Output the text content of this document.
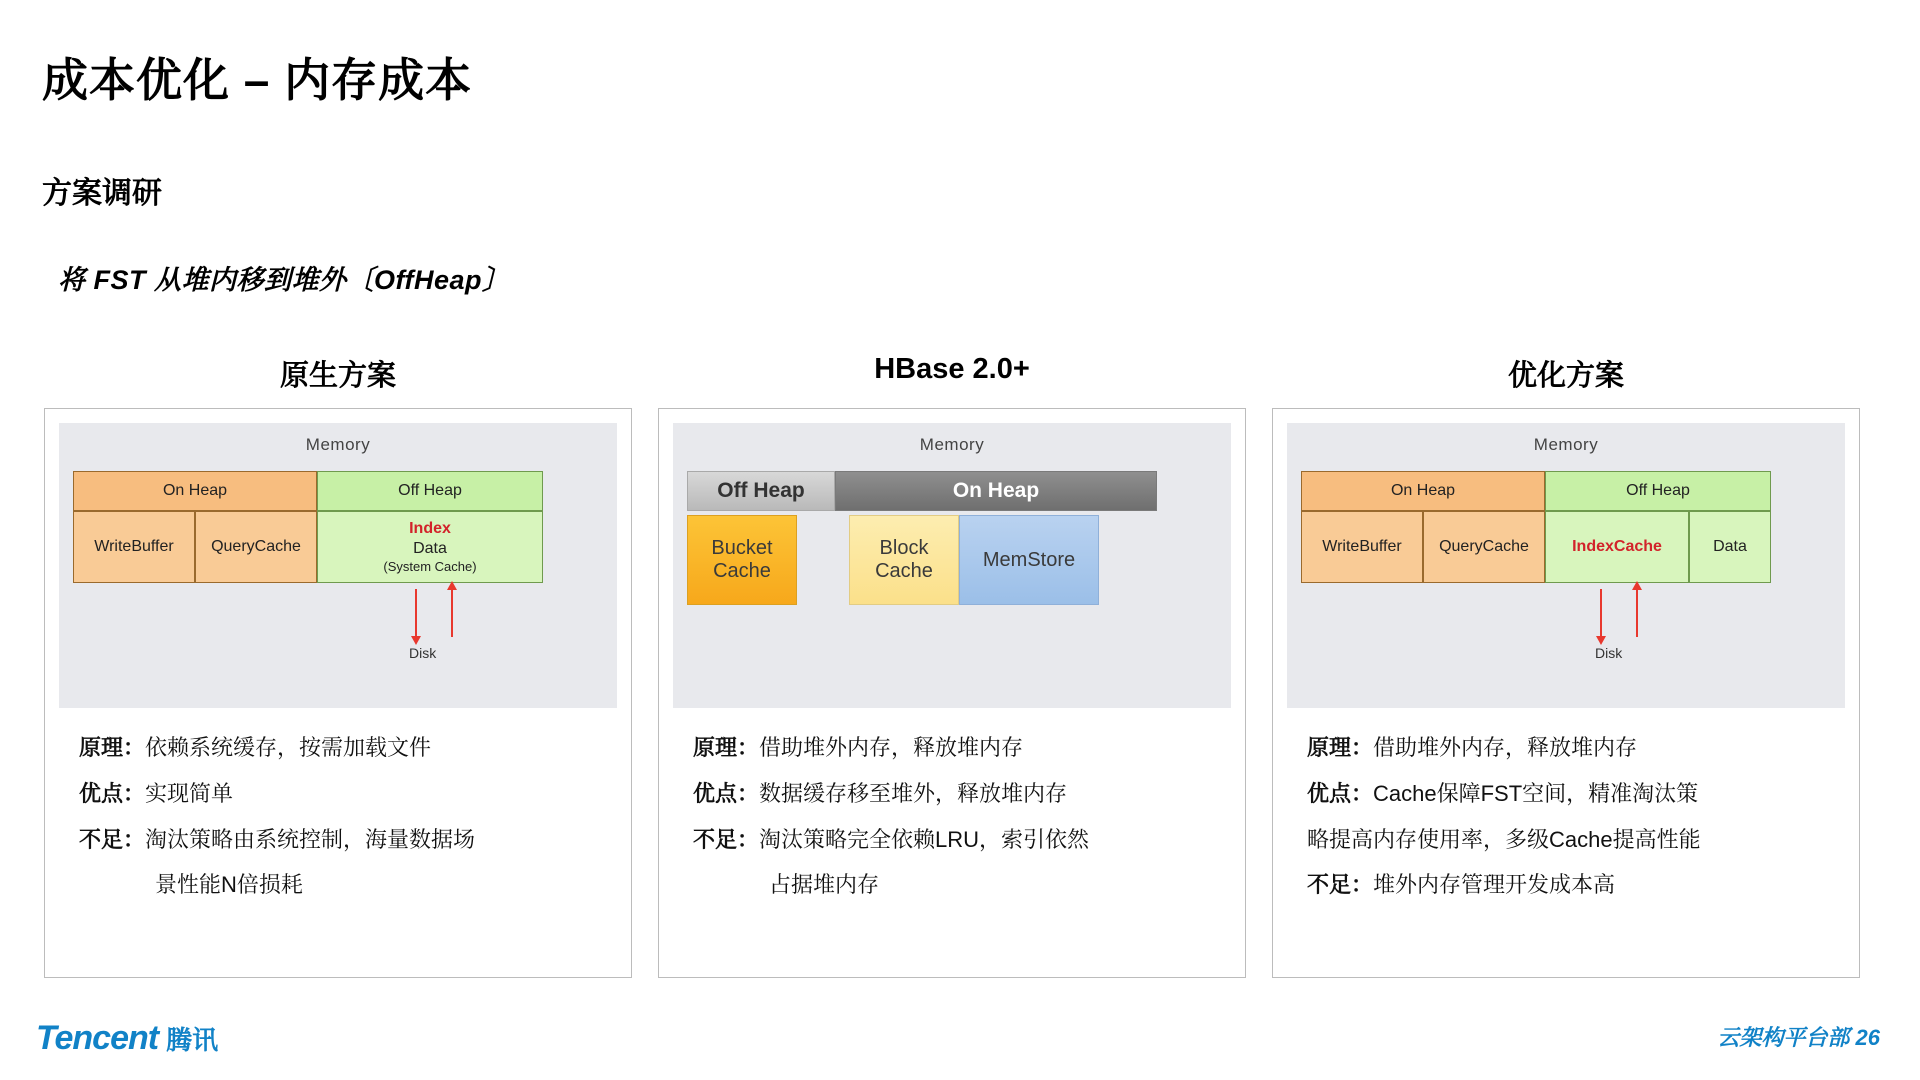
成本优化 – 内存成本
方案调研
将 FST 从堆内移到堆外〔OffHeap〕
原生方案
Memory
On Heap	Off Heap
WriteBuffer QueryCache
Index
Data
(System Cache)
Disk
原理： 依赖系统缓存，按需加载文件
优点： 实现简单
不足： 淘汰策略由系统控制，海量数据场
景性能N倍损耗
HBase 2.0+
Memory
Off Heap	On Heap
Bucket
Cache
Block
Cache
MemStore
原理： 借助堆外内存，释放堆内存
优点： 数据缓存移至堆外，释放堆内存
不足： 淘汰策略完全依赖LRU，索引依然
占据堆内存
优化方案
Memory
On Heap	Off Heap
WriteBuffer QueryCache	IndexCache	Data
Disk
原理： 借助堆外内存，释放堆内存
优点： Cache保障FST空间，精准淘汰策
略提高内存使用率，多级Cache提高性能
不足： 堆外内存管理开发成本高
Tencent 腾讯	云架构平台部 26
